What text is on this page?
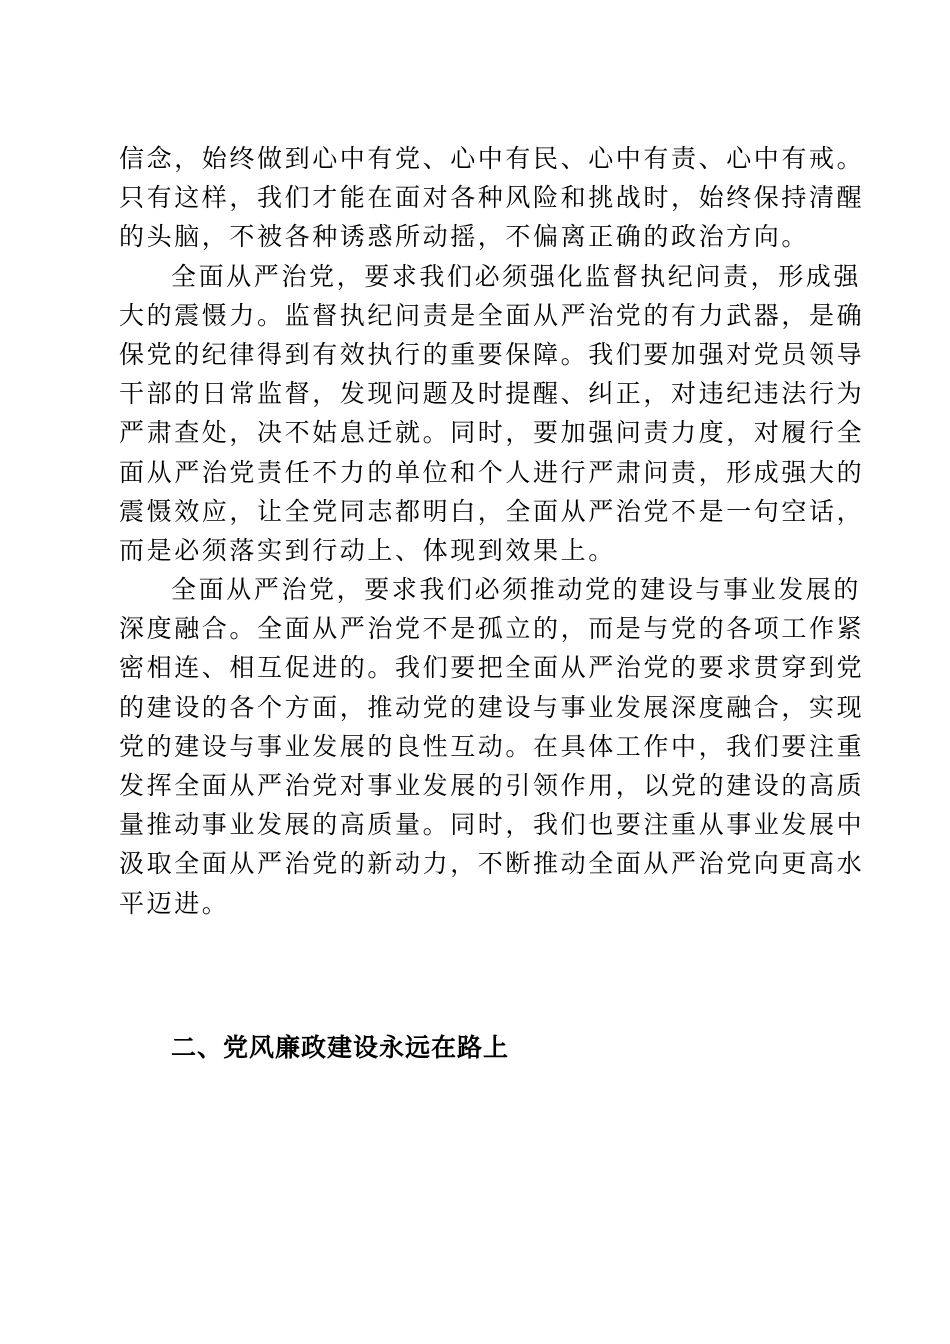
信念，始终做到心中有党、心中有民、心中有责、心中有戒。
只有这样，我们才能在面对各种风险和挑战时，始终保持清醒
的头脑，不被各种诱惑所动摇，不偏离正确的政治方向。
全面从严治党，要求我们必须强化监督执纪问责，形成强
大的震慑力。监督执纪问责是全面从严治党的有力武器，是确
保党的纪律得到有效执行的重要保障。我们要加强对党员领导
干部的日常监督，发现问题及时提醒、纠正，对违纪违法行为
严肃查处，决不姑息迁就。同时，要加强问责力度，对履行全
面从严治党责任不力的单位和个人进行严肃问责，形成强大的
震慑效应，让全党同志都明白，全面从严治党不是一句空话，
而是必须落实到行动上、体现到效果上。
全面从严治党，要求我们必须推动党的建设与事业发展的
深度融合。全面从严治党不是孤立的，而是与党的各项工作紧
密相连、相互促进的。我们要把全面从严治党的要求贯穿到党
的建设的各个方面，推动党的建设与事业发展深度融合，实现
党的建设与事业发展的良性互动。在具体工作中，我们要注重
发挥全面从严治党对事业发展的引领作用，以党的建设的高质
量推动事业发展的高质量。同时，我们也要注重从事业发展中
汲取全面从严治党的新动力，不断推动全面从严治党向更高水
平迈进。
二、党风廉政建设永远在路上
